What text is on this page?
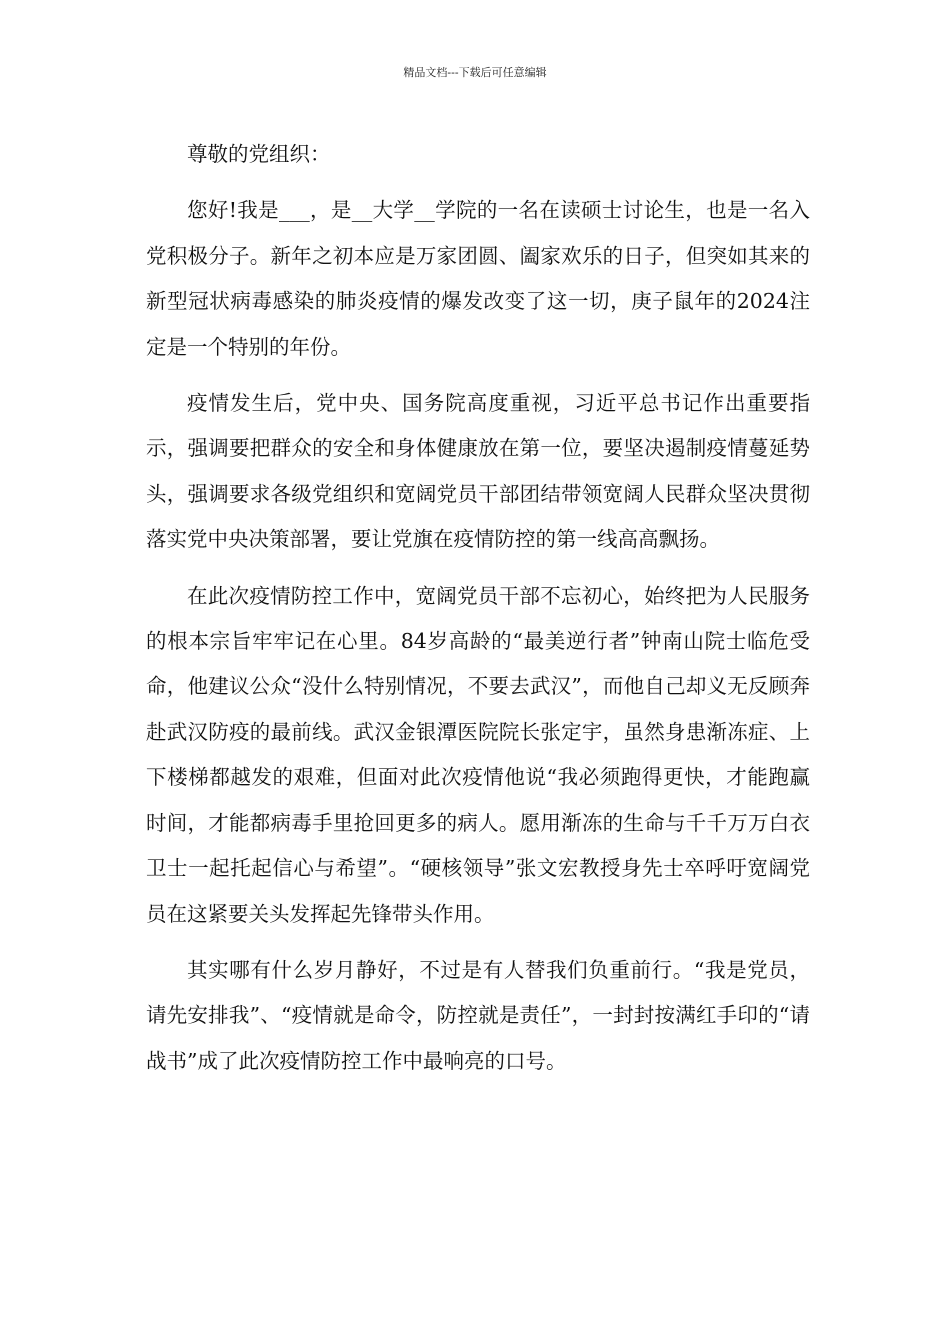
精品文档---下载后可任意编辑

尊敬的党组织：

您好!我是___，是__大学__学院的一名在读硕士讨论生，也是一名入党积极分子。新年之初本应是万家团圆、阖家欢乐的日子，但突如其来的新型冠状病毒感染的肺炎疫情的爆发改变了这一切，庚子鼠年的2024注定是一个特别的年份。

疫情发生后，党中央、国务院高度重视，习近平总书记作出重要指示，强调要把群众的安全和身体健康放在第一位，要坚决遏制疫情蔓延势头，强调要求各级党组织和宽阔党员干部团结带领宽阔人民群众坚决贯彻落实党中央决策部署，要让党旗在疫情防控的第一线高高飘扬。

在此次疫情防控工作中，宽阔党员干部不忘初心，始终把为人民服务的根本宗旨牢牢记在心里。84岁高龄的“最美逆行者”钟南山院士临危受命，他建议公众“没什么特别情况，不要去武汉”，而他自己却义无反顾奔赴武汉防疫的最前线。武汉金银潭医院院长张定宇，虽然身患渐冻症、上下楼梯都越发的艰难，但面对此次疫情他说“我必须跑得更快，才能跑赢时间，才能都病毒手里抢回更多的病人。愿用渐冻的生命与千千万万白衣卫士一起托起信心与希望”。“硬核领导”张文宏教授身先士卒呼吁宽阔党员在这紧要关头发挥起先锋带头作用。

其实哪有什么岁月静好，不过是有人替我们负重前行。“我是党员，请先安排我”、“疫情就是命令，防控就是责任”，一封封按满红手印的“请战书”成了此次疫情防控工作中最响亮的口号。
